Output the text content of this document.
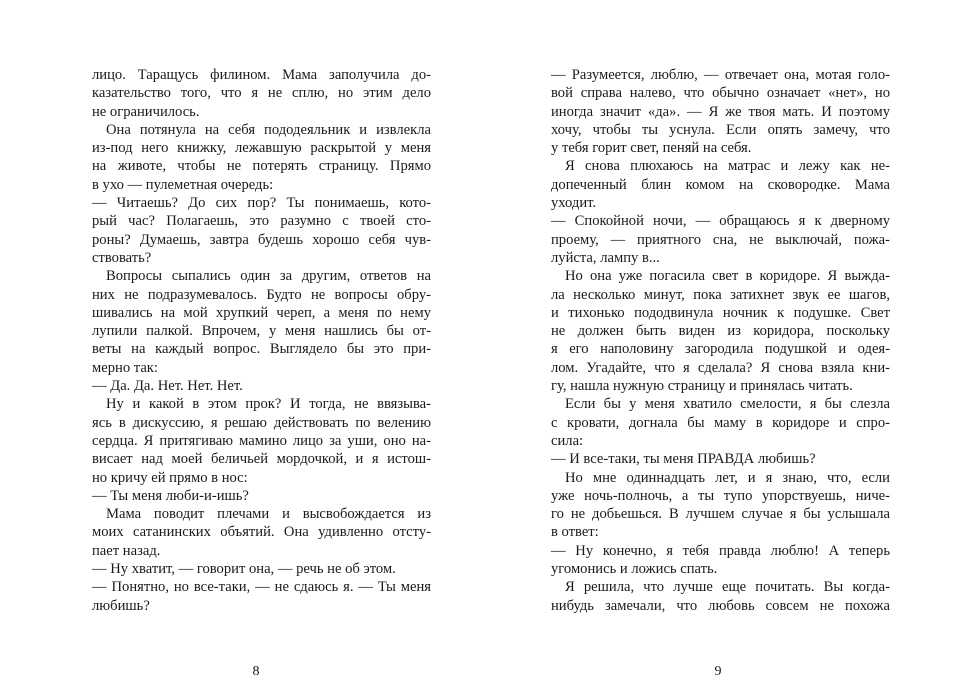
лицо. Таращусь филином. Мама заполучила до-
казательство того, что я не сплю, но этим дело
не ограничилось.
Она потянула на себя пододеяльник и извлекла
из-под него книжку, лежавшую раскрытой у меня
на животе, чтобы не потерять страницу. Прямо
в ухо — пулеметная очередь:
— Читаешь? До сих пор? Ты понимаешь, кото-
рый час? Полагаешь, это разумно с твоей сто-
роны? Думаешь, завтра будешь хорошо себя чув-
ствовать?
Вопросы сыпались один за другим, ответов на
них не подразумевалось. Будто не вопросы обру-
шивались на мой хрупкий череп, а меня по нему
лупили палкой. Впрочем, у меня нашлись бы от-
веты на каждый вопрос. Выглядело бы это при-
мерно так:
— Да. Да. Нет. Нет. Нет.
Ну и какой в этом прок? И тогда, не ввязыва-
ясь в дискуссию, я решаю действовать по велению
сердца. Я притягиваю мамино лицо за уши, оно на-
висает над моей беличьей мордочкой, и я истош-
но кричу ей прямо в нос:
— Ты меня люби-и-ишь?
Мама поводит плечами и высвобождается из
моих сатанинских объятий. Она удивленно отсту-
пает назад.
— Ну хватит, — говорит она, — речь не об этом.
— Понятно, но все-таки, — не сдаюсь я. — Ты меня
любишь?
— Разумеется, люблю, — отвечает она, мотая голо-
вой справа налево, что обычно означает «нет», но
иногда значит «да». — Я же твоя мать. И поэтому
хочу, чтобы ты уснула. Если опять замечу, что
у тебя горит свет, пеняй на себя.
Я снова плюхаюсь на матрас и лежу как не-
допеченный блин комом на сковородке. Мама
уходит.
— Спокойной ночи, — обращаюсь я к дверному
проему, — приятного сна, не выключай, пожа-
луйста, лампу в...
Но она уже погасила свет в коридоре. Я выжда-
ла несколько минут, пока затихнет звук ее шагов,
и тихонько пододвинула ночник к подушке. Свет
не должен быть виден из коридора, поскольку
я его наполовину загородила подушкой и одея-
лом. Угадайте, что я сделала? Я снова взяла кни-
гу, нашла нужную страницу и принялась читать.
Если бы у меня хватило смелости, я бы слезла
с кровати, догнала бы маму в коридоре и спро-
сила:
— И все-таки, ты меня ПРАВДА любишь?
Но мне одиннадцать лет, и я знаю, что, если
уже ночь-полночь, а ты тупо упорствуешь, ниче-
го не добьешься. В лучшем случае я бы услышала
в ответ:
— Ну конечно, я тебя правда люблю! А теперь
угомонись и ложись спать.
Я решила, что лучше еще почитать. Вы когда-
нибудь замечали, что любовь совсем не похожа
8	9
